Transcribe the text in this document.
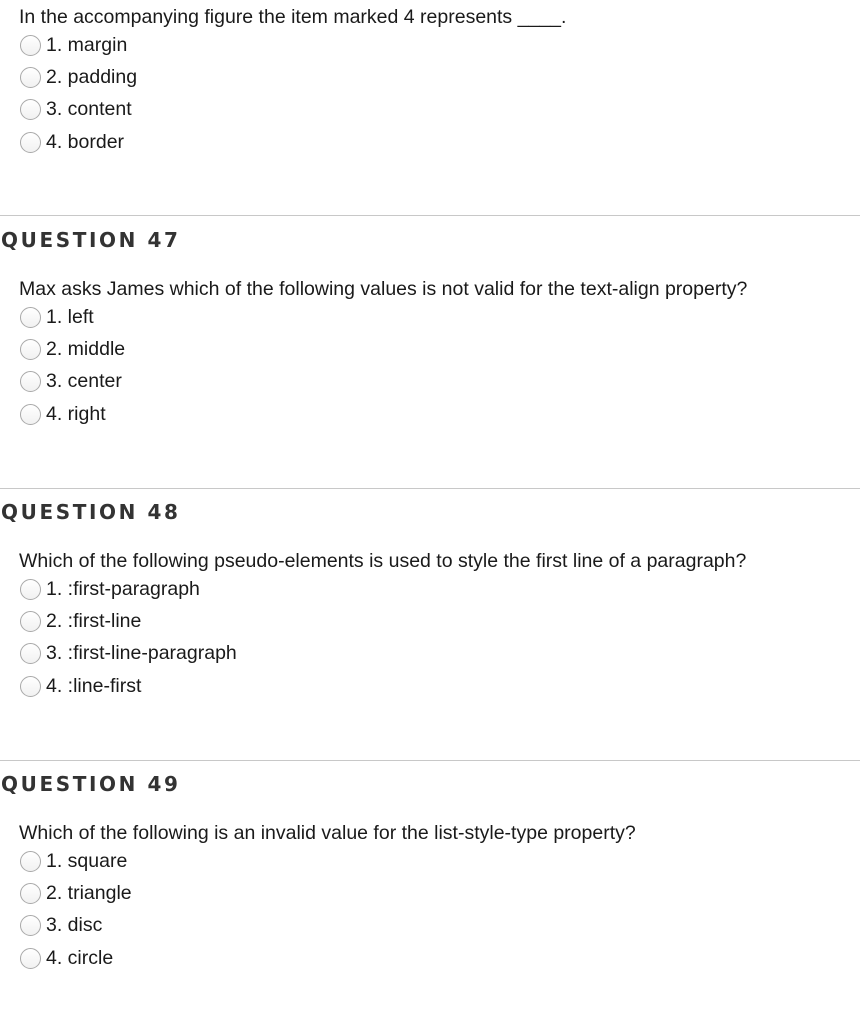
In the accompanying figure the item marked 4 represents ____.
1. margin
2. padding
3. content
4. border
QUESTION 47
Max asks James which of the following values is not valid for the text-align property?
1. left
2. middle
3. center
4. right
QUESTION 48
Which of the following pseudo-elements is used to style the first line of a paragraph?
1. :first-paragraph
2. :first-line
3. :first-line-paragraph
4. :line-first
QUESTION 49
Which of the following is an invalid value for the list-style-type property?
1. square
2. triangle
3. disc
4. circle
